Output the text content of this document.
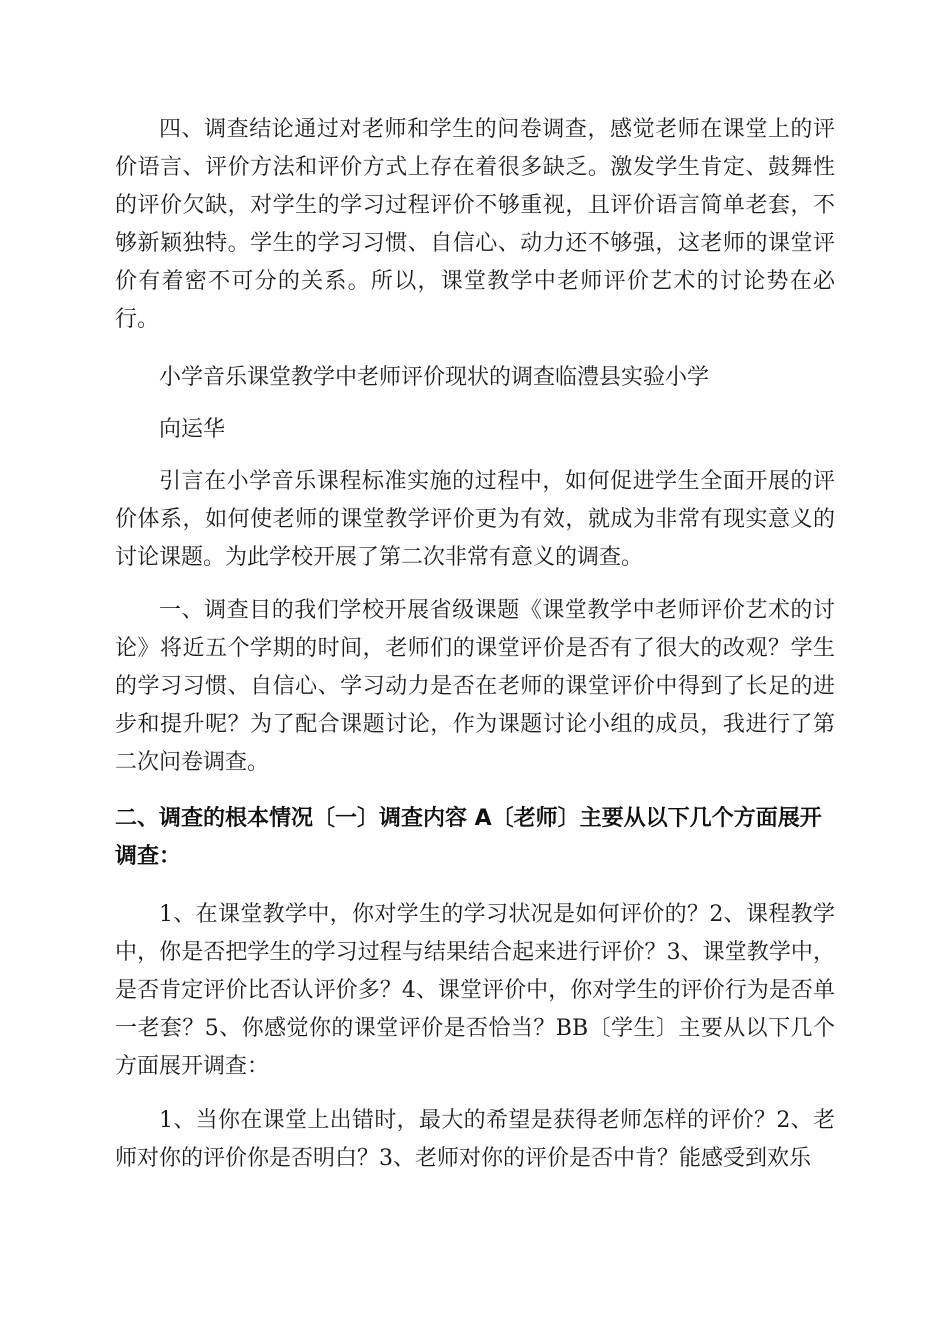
四、调查结论通过对老师和学生的问卷调查，感觉老师在课堂上的评价语言、评价方法和评价方式上存在着很多缺乏。激发学生肯定、鼓舞性的评价欠缺，对学生的学习过程评价不够重视，且评价语言简单老套，不够新颖独特。学生的学习习惯、自信心、动力还不够强，这老师的课堂评价有着密不可分的关系。所以，课堂教学中老师评价艺术的讨论势在必行。

小学音乐课堂教学中老师评价现状的调查临澧县实验小学

向运华

引言在小学音乐课程标准实施的过程中，如何促进学生全面开展的评价体系，如何使老师的课堂教学评价更为有效，就成为非常有现实意义的讨论课题。为此学校开展了第二次非常有意义的调查。

一、调查目的我们学校开展省级课题《课堂教学中老师评价艺术的讨论》将近五个学期的时间，老师们的课堂评价是否有了很大的改观？学生的学习习惯、自信心、学习动力是否在老师的课堂评价中得到了长足的进步和提升呢？为了配合课题讨论，作为课题讨论小组的成员，我进行了第二次问卷调查。

二、调查的根本情况〔一〕调查内容 A〔老师〕主要从以下几个方面展开调查：

1、在课堂教学中，你对学生的学习状况是如何评价的？2、课程教学中，你是否把学生的学习过程与结果结合起来进行评价？3、课堂教学中，是否肯定评价比否认评价多？4、课堂评价中，你对学生的评价行为是否单一老套？5、你感觉你的课堂评价是否恰当？BB〔学生〕主要从以下几个方面展开调查：

1、当你在课堂上出错时，最大的希望是获得老师怎样的评价？2、老师对你的评价你是否明白？3、老师对你的评价是否中肯？能感受到欢乐
